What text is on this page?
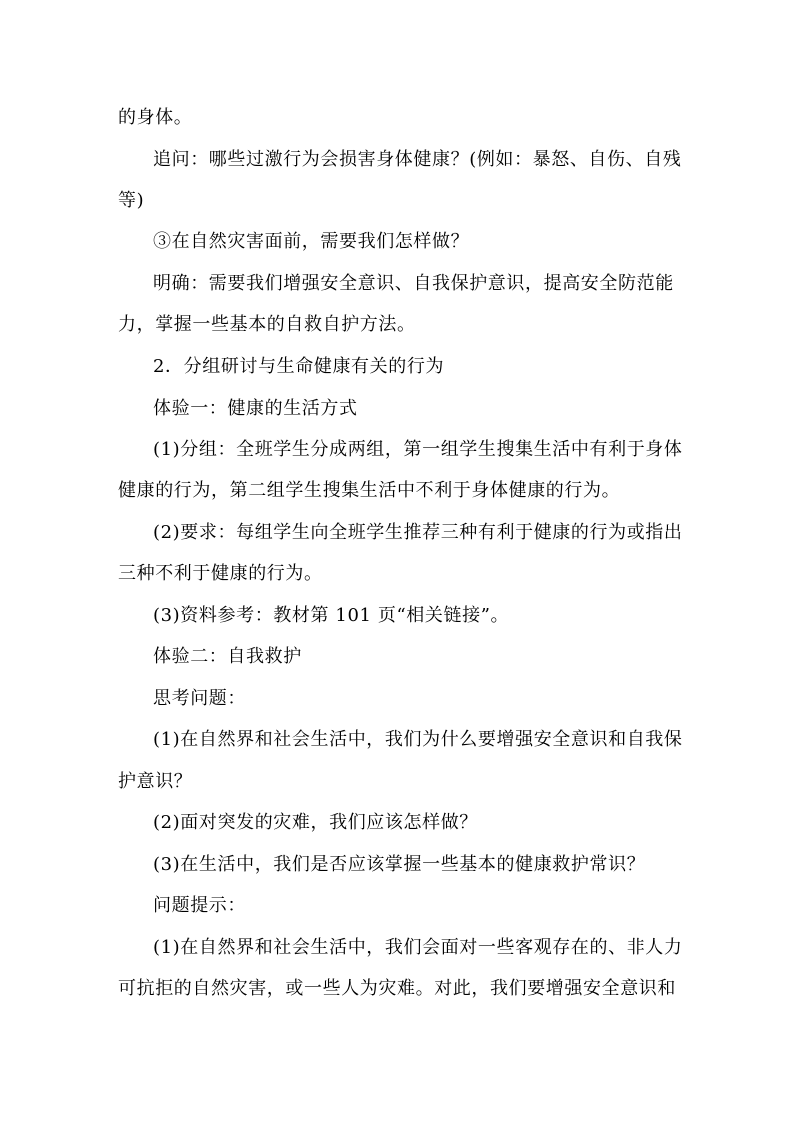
的身体。
追问：哪些过激行为会损害身体健康？(例如：暴怒、自伤、自残
等)
③在自然灾害面前，需要我们怎样做？
明确：需要我们增强安全意识、自我保护意识，提高安全防范能
力，掌握一些基本的自救自护方法。
2．分组研讨与生命健康有关的行为
体验一：健康的生活方式
(1)分组：全班学生分成两组，第一组学生搜集生活中有利于身体
健康的行为，第二组学生搜集生活中不利于身体健康的行为。
(2)要求：每组学生向全班学生推荐三种有利于健康的行为或指出
三种不利于健康的行为。
(3)资料参考：教材第 101 页“相关链接”。
体验二：自我救护
思考问题：
(1)在自然界和社会生活中，我们为什么要增强安全意识和自我保
护意识？
(2)面对突发的灾难，我们应该怎样做？
(3)在生活中，我们是否应该掌握一些基本的健康救护常识？
问题提示：
(1)在自然界和社会生活中，我们会面对一些客观存在的、非人力
可抗拒的自然灾害，或一些人为灾难。对此，我们要增强安全意识和
